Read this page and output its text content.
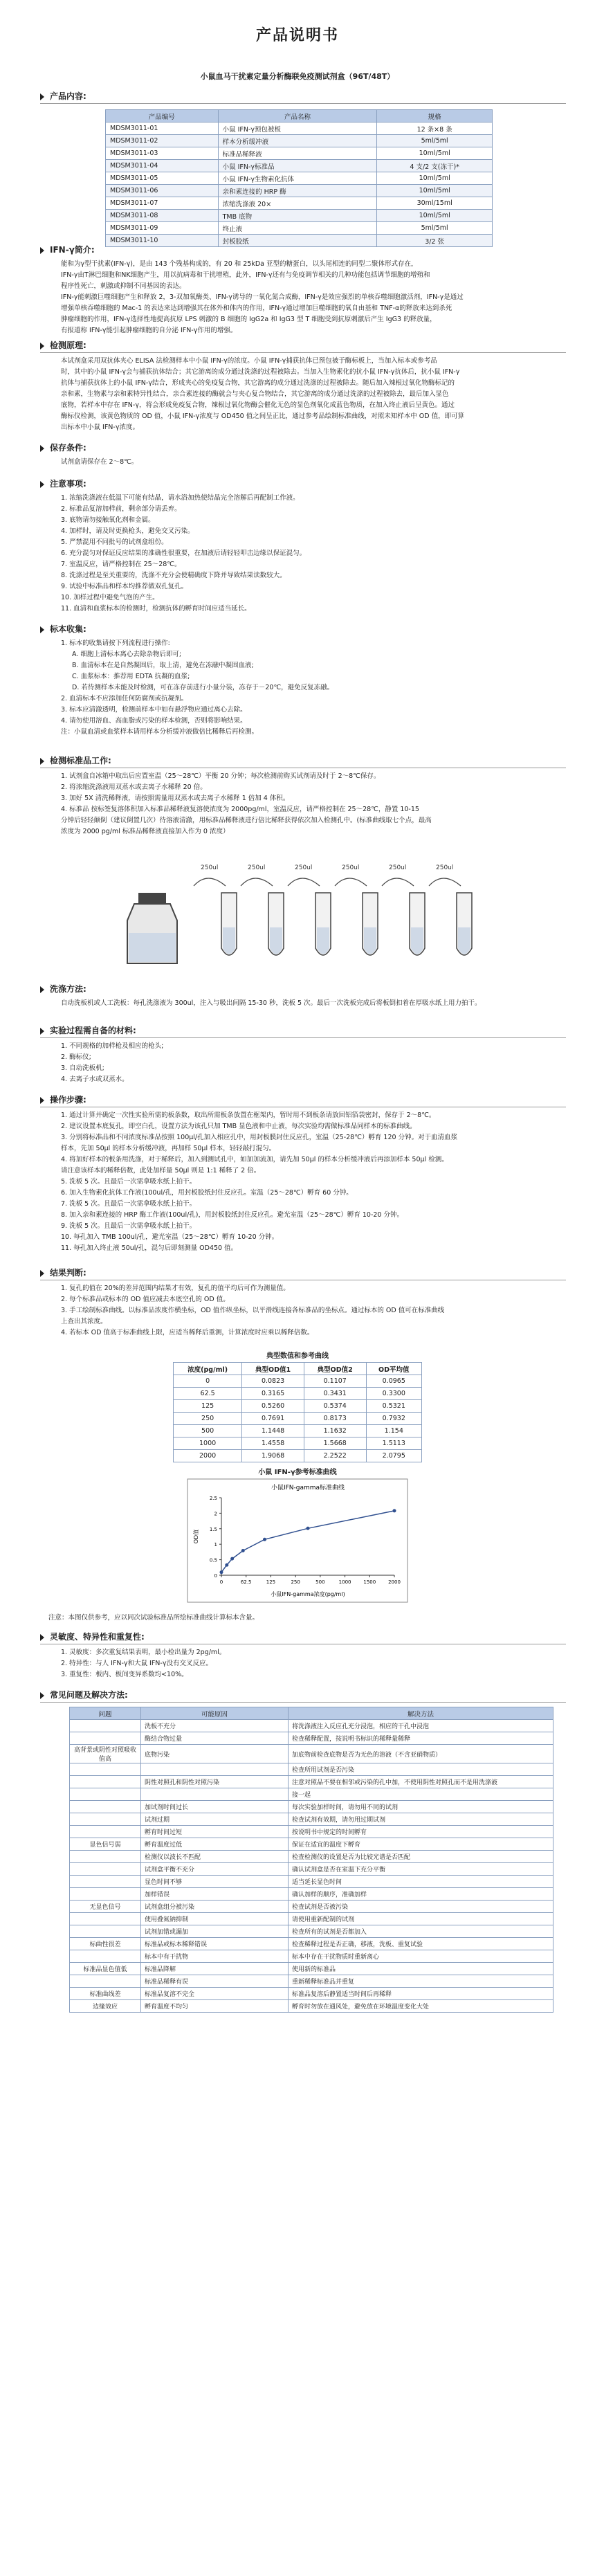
产品说明书
小鼠血马干扰素定量分析酶联免疫测试剂盒（96T/48T）
产品内容:
产品编号	产品名称	规格
MDSM3011-01	小鼠 IFN-γ预包被板	12 条×8 条
MDSM3011-02	样本分析缓冲液	5ml/5ml
MDSM3011-03	标准品稀释液	10ml/5ml
MDSM3011-04	小鼠 IFN-γ标准品	4 支/2 支(冻干)*
MDSM3011-05	小鼠 IFN-γ生物素化抗体	10ml/5ml
MDSM3011-06	亲和素连接的 HRP 酶	10ml/5ml
MDSM3011-07	浓缩洗涤液 20×	30ml/15ml
MDSM3011-08	TMB 底物	10ml/5ml
MDSM3011-09	终止液	5ml/5ml
MDSM3011-10	封板胶纸	3/2 张
IFN-γ简介:
能和为γ型干扰素(IFN-γ)，是由 143 个残基构成的，有 20 和 25kDa 亚型的糖蛋白，以头尾相连的同型二聚体形式存在，
IFN-γ由T淋巴细胞和NK细胞产生，用以抗病毒和干扰增殖，此外，IFN-γ还有与免疫调节相关的几种功能包括调节细胞的增殖和
程序性死亡，刺激或抑制不同基因的表达。
IFN-γ能刺激巨噬细胞产生和释放 2，3-双加氧酶类、IFN-γ诱导的一氧化氮合成酶，IFN-γ是效应强烈的单核吞噬细胞激活剂，IFN-γ是通过
增强单核吞噬细胞的 Mac-1 的表达来达到增强其在体外和体内的作用，IFN-γ通过增加巨噬细胞的氧自由基和 TNF-α的释放来达到杀死
肿瘤细胞的作用，IFN-γ选择性地提高抗原 LPS 刺激的 B 细胞的 IgG2a 和 IgG3 型 T 细胞受到抗原刺激后产生 IgG3 的释放量，
有报道称 IFN-γ能引起肿瘤细胞的自分泌 IFN-γ作用的增强。
检测原理:
本试剂盒采用双抗体夹心 ELISA 法检测样本中小鼠 IFN-γ的浓度。小鼠 IFN-γ捕获抗体已预包被于酶标板上，当加入标本或参考品
时，其中的小鼠 IFN-γ会与捕获抗体结合；其它游离的成分通过洗涤的过程被除去。当加入生物素化的抗小鼠 IFN-γ抗体后，抗小鼠 IFN-γ
抗体与捕获抗体上的小鼠 IFN-γ结合，形成夹心的免疫复合物，其它游离的成分通过洗涤的过程被除去。随后加入辣根过氧化物酶标记的
亲和素，生物素与亲和素特异性结合，亲合素连接的酶就会与夹心复合物结合，其它游离的成分通过洗涤的过程被除去，最后加入显色
底物，若样本中存在 IFN-γ，将会形成免疫复合物，辣根过氧化物酶会催化无色的显色剂氧化成蓝色物质，在加入终止液后呈黄色。通过
酶标仪检测，该黄色物质的 OD 值，小鼠 IFN-γ浓度与 OD450 值之间呈正比，通过参考品绘制标准曲线，对照未知样本中 OD 值，即可算
出标本中小鼠 IFN-γ浓度。
保存条件:
试剂盒请保存在 2～8℃。
注意事项:
1. 浓缩洗涤液在低温下可能有结晶，请水浴加热使结晶完全溶解后再配制工作液。
2. 标准品复溶加样前，剩余部分请丢弃。
3. 底物请勿接触氧化剂和金属。
4. 加样时，请及时更换枪头，避免交叉污染。
5. 严禁混用不同批号的试剂盒组份。
6. 充分混匀对保证反应结果的准确性很重要，在加液后请轻轻叩击边缘以保证混匀。
7. 室温反应，请严格控制在 25～28℃。
8. 洗涤过程是至关重要的，洗涤不充分会使精确度下降并导致结果读数较大。
9. 试验中标准品和样本均推荐做双孔复孔。
10. 加样过程中避免气泡的产生。
11. 血清和血浆标本的检测时，检测抗体的孵育时间应适当延长。
标本收集:
1. 标本的收集请按下列流程进行操作:
A. 细胞上清标本离心去除杂物后即可;
B. 血清标本在是自然凝固后，取上清，避免在冻融中凝固血液;
C. 血浆标本：推荐用 EDTA 抗凝的血浆;
D. 若待测样本未能及时检测，可在冻存前进行小量分装，冻存于－20℃，避免反复冻融。
2. 血清标本不应添加任何防腐剂或抗凝剂。
3. 标本应清澈透明，检测前样本中如有悬浮物应通过离心去除。
4. 请勿使用溶血、高血脂或污染的样本检测，否则将影响结果。
注：小鼠血清或血浆样本请用样本分析缓冲液做倍比稀释后再检测。
检测标准品工作:
1. 试剂盒自冰箱中取出后应置室温（25～28℃）平衡 20 分钟；每次检测前购买试剂请及时于 2～8℃保存。
2. 将浓缩洗涤液用双蒸水或去离子水稀释 20 倍。
3. 加好 5X 清洗稀释液，请按照需量用双蒸水或去离子水稀释 1 倍加 4 体积。
4. 标准品 按标签复溶体积加入标准品稀释液复溶使浓度为 2000pg/ml，室温反应，请严格控制在 25～28℃，静置 10-15
分钟后轻轻颠倒（建议倒置几次）待溶液清澈，用标准品稀释液进行倍比稀释获得依次加入检测孔中。(标准曲线取七个点，最高
浓度为 2000 pg/ml 标准品稀释液直接加入作为 0 浓度）
250ul	250ul	250ul	250ul	250ul	250ul
洗涤方法:
自动洗板机或人工洗板：每孔洗涤液为 300ul，注入与吸出间隔 15-30 秒，洗板 5 次。最后一次洗板完成后将板倒扣着在厚吸水纸上用力拍干。
实验过程需自备的材料:
1. 不同规格的加样枪及相应的枪头;
2. 酶标仪;
3. 自动洗板机;
4. 去离子水或双蒸水。
操作步骤:
1. 通过计算并确定一次性实验所需的板条数，取出所需板条放置在框架内，暂时用不到板条请放回铝箔袋密封，保存于 2～8℃。
2. 建议设置本底复孔，即空白孔，设置方法为该孔只加 TMB 显色液和中止液，每次实验均需做标准品同样本的标准曲线。
3. 分别将标准品和不同浓度标准品按照 100μl/孔加入相应孔中，用封板膜封住反应孔，室温（25-28℃）孵育 120 分钟。对于血清血浆
样本，先加 50μl 的样本分析缓冲液，再加样 50μl 样本，轻轻敲打混匀。
4. 将加好样本的板条用洗涤，对于稀释后，加入到测试孔中，如加加流加，请先加 50μl 的样本分析缓冲液后再添加样本 50μl 检测。
请注意该样本的稀释倍数，此处加样量 50μl 则是 1:1 稀释了 2 倍。
5. 洗板 5 次。且最后一次需拿吸水纸上拍干。
6. 加入生物素化抗体工作液(100ul/孔，用封板胶纸封住反应孔。室温（25～28℃）孵育 60 分钟。
7. 洗板 5 次。且最后一次需拿吸水纸上拍干。
8. 加入亲和素连接的 HRP 酶工作液(100ul/孔)，用封板胶纸封住反应孔。避光室温（25～28℃）孵育 10-20 分钟。
9. 洗板 5 次。且最后一次需拿吸水纸上拍干。
10. 每孔加入 TMB 100ul/孔，避光室温（25～28℃）孵育 10-20 分钟。
11. 每孔加入终止液 50ul/孔，混匀后即刻测量 OD450 值。
结果判断:
1. 复孔的值在 20%的差异范围内结果才有效，复孔的值平均后可作为测量值。
2. 每个标准品或标本的 OD 值应减去本底空孔的 OD 值。
3. 手工绘制标准曲线。以标准品浓度作横坐标，OD 值作纵坐标，以平滑线连接各标准品的坐标点。通过标本的 OD 值可在标准曲线
上查出其浓度。
4. 若标本 OD 值高于标准曲线上限，应适当稀释后重测，计算浓度时应乘以稀释倍数。
典型数值和参考曲线
浓度(pg/ml)	典型OD值1	典型OD值2	OD平均值
0	0.0823	0.1107	0.0965
62.5	0.3165	0.3431	0.3300
125	0.5260	0.5374	0.5321
250	0.7691	0.8173	0.7932
500	1.1448	1.1632	1.154
1000	1.4558	1.5668	1.5113
2000	1.9068	2.2522	2.0795
小鼠 IFN-γ参考标准曲线
小鼠IFN-gamma标准曲线
0
0.5
1
1.5
2
2.5
0	62.5	125	250	500	1000	1500	2000
OD值
小鼠IFN-gamma浓度(pg/ml)
注意：本图仅供参考，应以同次试验标准品所绘标准曲线计算标本含量。
灵敏度、特异性和重复性:
1. 灵敏度：多次重复结果表明，最小检出量为 2pg/ml。
2. 特异性：与人 IFN-γ和大鼠 IFN-γ没有交叉反应。
3. 重复性：板内、板间变异系数均<10%。
常见问题及解决方法:
问题	可能原因	解决方法
	洗板不充分	将洗涤液注入反应孔充分浸泡，相应的干孔中浸泡
	酶结合物过量	检查稀释配置，按说明书标识的稀释量稀释
高背景或阴性对照吸收值高	底物污染	加底物前检查底物是否为无色的溶液（不含亚硝物质）
		检查所用试剂是否污染
	阴性对照孔和阴性对照污染	注意对照品不要在相邻或污染的孔中加，不使用阴性对照孔而不是用洗涤液
		接一起
	加试剂时间过长	每次实验加样时间，请勿用不同的试剂
	试剂过期	检查试剂有效期，请勿用过期试剂
	孵育时间过短	按说明书中规定的时间孵育
显色信号弱	孵育温度过低	保证在适宜的温度下孵育
	检测仪以波长不匹配	检查检测仪的设置是否为比较光谱是否匹配
	试剂盒平衡不充分	确认试剂盒是否在室温下充分平衡
	显色时间不够	适当延长显色时间
	加样错误	确认加样的顺序，准确加样
无显色信号	试剂盒组分被污染	检查试剂是否被污染
	使用叠氮钠抑制	请使用重新配制的试剂
	试剂加错或漏加	检查所有的试剂是否都加入
标曲性很差	标准品或标本稀释错误	检查稀释过程是否正确，移液，洗板、重复试验
	标本中有干扰物	标本中存在干扰物质时重新离心
标准品显色值低	标准品降解	使用新的标准品
	标准品稀释有误	重新稀释标准品并重复
标准曲线差	标准品复溶不完全	标准品复溶后静置适当时间后再稀释
边缘效应	孵育温度不均匀	孵育时勿放在通风处，避免放在环境温度变化大处
